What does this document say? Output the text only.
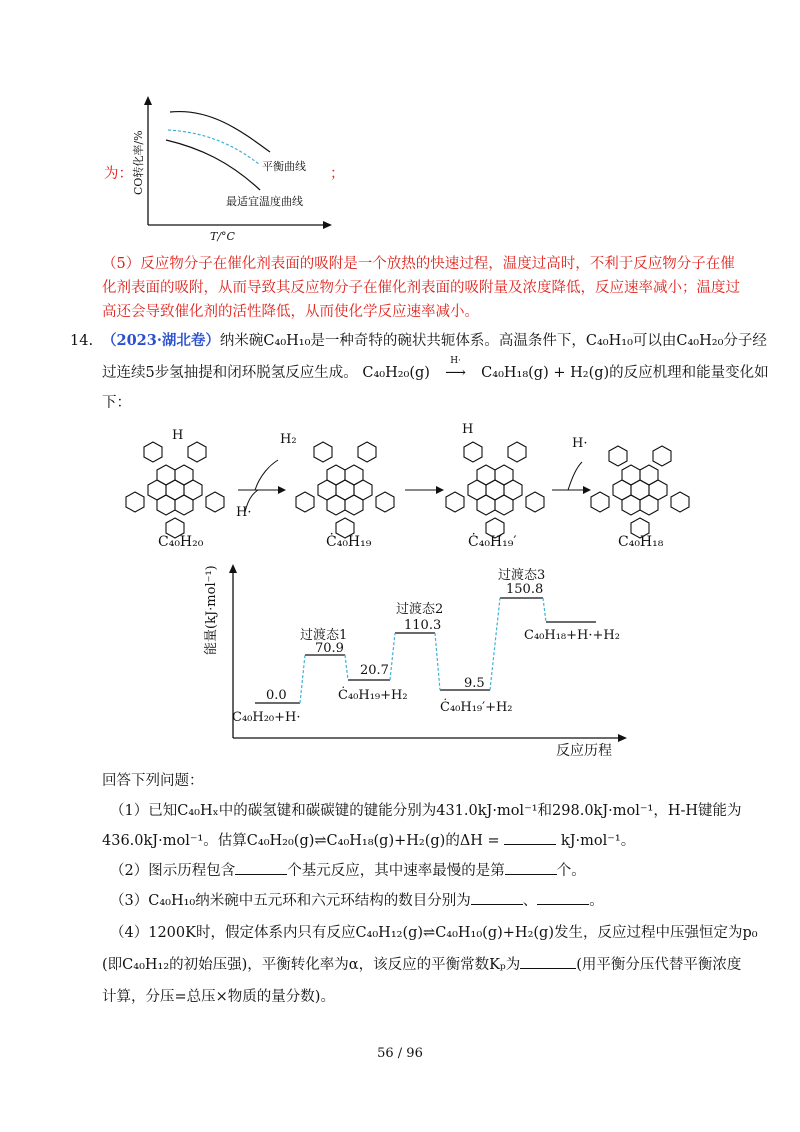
为：	；
CO转化率/%
T/°C
平衡曲线
最适宜温度曲线
（5）反应物分子在催化剂表面的吸附是一个放热的快速过程，温度过高时，不利于反应物分子在催
化剂表面的吸附，从而导致其反应物分子在催化剂表面的吸附量及浓度降低，反应速率减小；温度过
高还会导致催化剂的活性降低，从而使化学反应速率减小。
14. （2023·湖北卷）纳米碗C₄₀H₁₀是一种奇特的碗状共轭体系。高温条件下，C₄₀H₁₀可以由C₄₀H₂₀分子经
过连续5步氢抽提和闭环脱氢反应生成。 C₄₀H₂₀(g)
H·
⟶ C₄₀H₁₈(g) + H₂(g)的反应机理和能量变化如
下：
H	H
H₂
H·
H·
C₄₀H₂₀	Ċ₄₀H₁₉	Ċ₄₀H₁₉′	C₄₀H₁₈
能量(kJ·mol⁻¹)
反应历程
0.0
C₄₀H₂₀+H·
过渡态1
70.9
20.7
Ċ₄₀H₁₉+H₂
过渡态2
110.3
9.5
Ċ₄₀H₁₉′+H₂
过渡态3
150.8
C₄₀H₁₈+H·+H₂
回答下列问题：
（1）已知C₄₀Hₓ中的碳氢键和碳碳键的键能分别为431.0kJ·mol⁻¹和298.0kJ·mol⁻¹，H-H键能为
436.0kJ·mol⁻¹。估算C₄₀H₂₀(g)⇌C₄₀H₁₈(g)+H₂(g)的ΔH =	kJ·mol⁻¹。
（2）图示历程包含	个基元反应，其中速率最慢的是第	个。
（3）C₄₀H₁₀纳米碗中五元环和六元环结构的数目分别为	、	。
（4）1200K时，假定体系内只有反应C₄₀H₁₂(g)⇌C₄₀H₁₀(g)+H₂(g)发生，反应过程中压强恒定为p₀
(即C₄₀H₁₂的初始压强)，平衡转化率为α，该反应的平衡常数Kₚ为	(用平衡分压代替平衡浓度
计算，分压=总压×物质的量分数)。
56 / 96
